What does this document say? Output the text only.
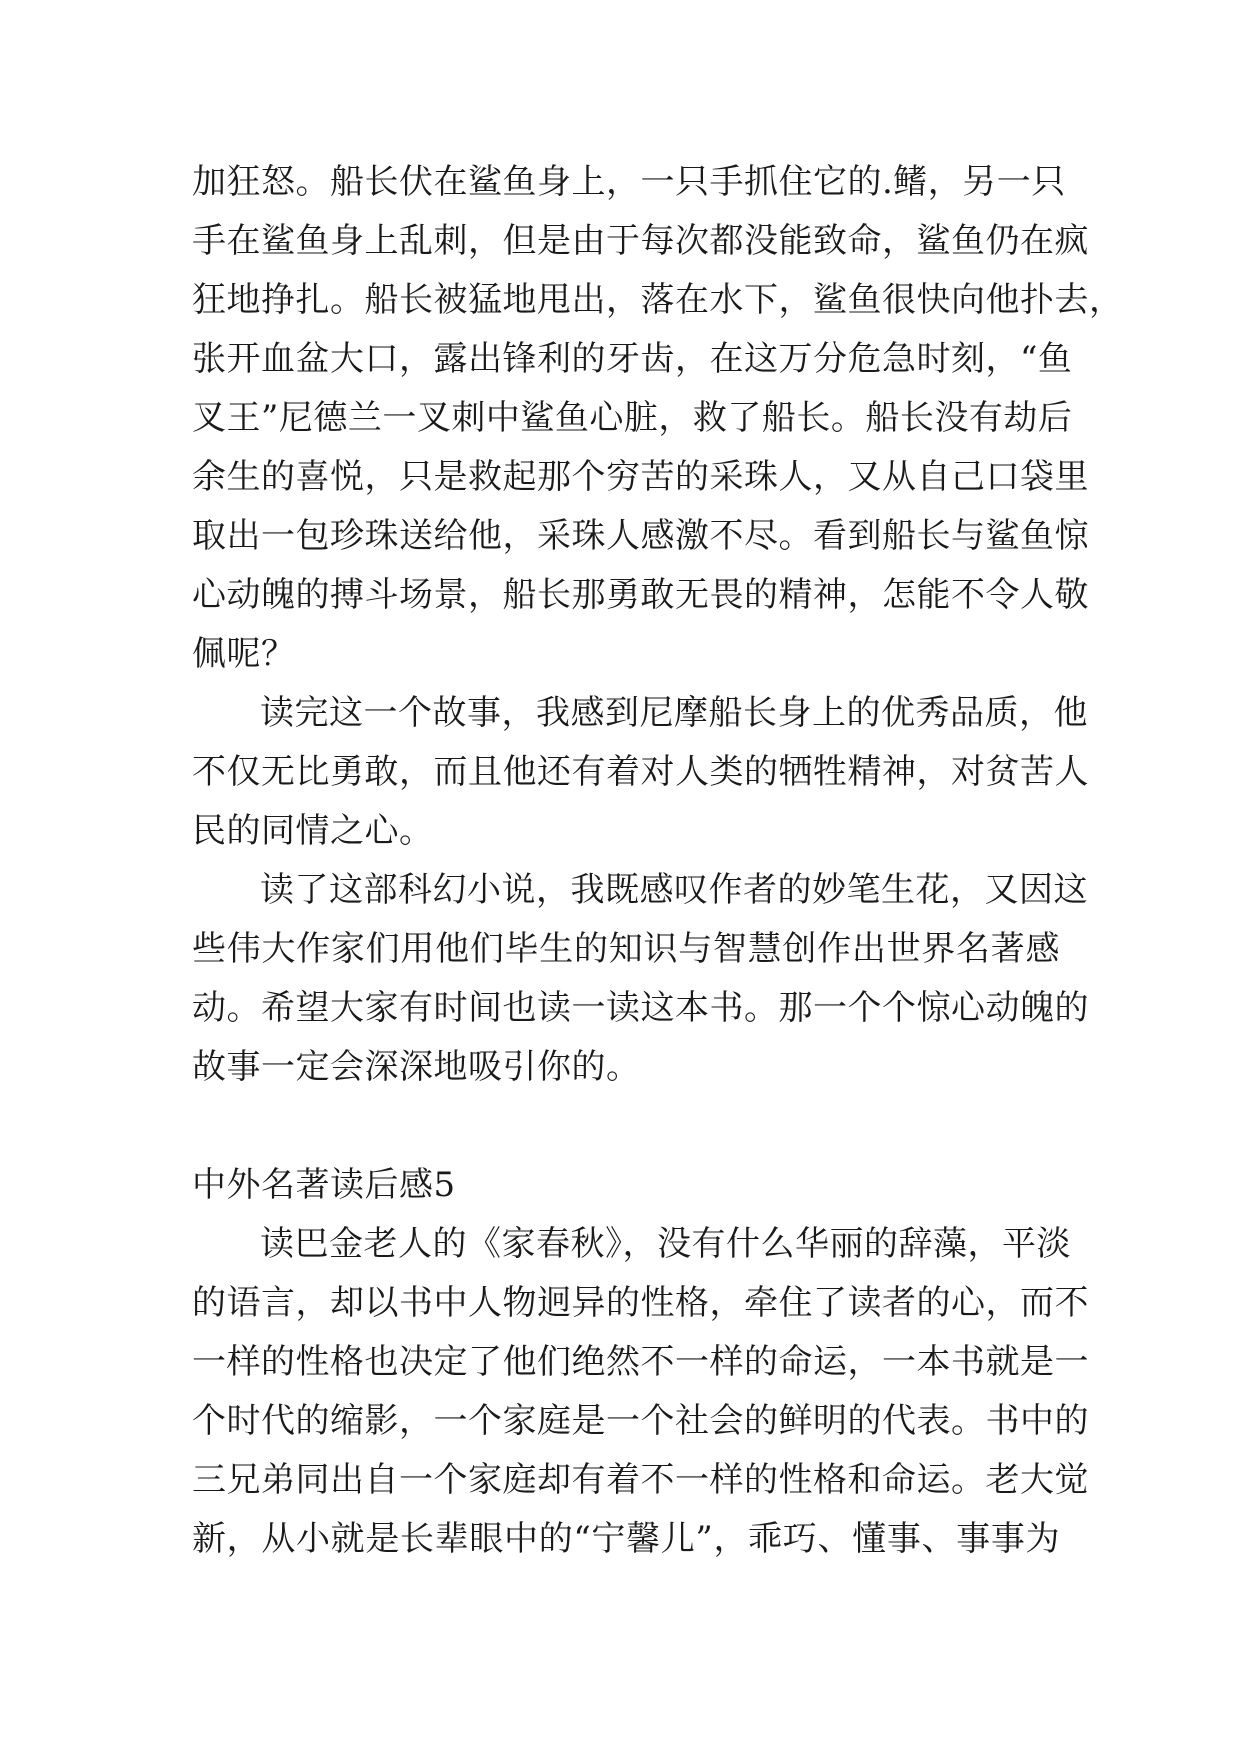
加狂怒。船长伏在鲨鱼身上，一只手抓住它的.鳍，另一只
手在鲨鱼身上乱刺，但是由于每次都没能致命，鲨鱼仍在疯
狂地挣扎。船长被猛地甩出，落在水下，鲨鱼很快向他扑去，
张开血盆大口，露出锋利的牙齿，在这万分危急时刻，“鱼
叉王”尼德兰一叉刺中鲨鱼心脏，救了船长。船长没有劫后
余生的喜悦，只是救起那个穷苦的采珠人，又从自己口袋里
取出一包珍珠送给他，采珠人感激不尽。看到船长与鲨鱼惊
心动魄的搏斗场景，船长那勇敢无畏的精神，怎能不令人敬
佩呢？
读完这一个故事，我感到尼摩船长身上的优秀品质，他
不仅无比勇敢，而且他还有着对人类的牺牲精神，对贫苦人
民的同情之心。
读了这部科幻小说，我既感叹作者的妙笔生花，又因这
些伟大作家们用他们毕生的知识与智慧创作出世界名著感
动。希望大家有时间也读一读这本书。那一个个惊心动魄的
故事一定会深深地吸引你的。
中外名著读后感5
读巴金老人的《家春秋》，没有什么华丽的辞藻，平淡
的语言，却以书中人物迥异的性格，牵住了读者的心，而不
一样的性格也决定了他们绝然不一样的命运，一本书就是一
个时代的缩影，一个家庭是一个社会的鲜明的代表。书中的
三兄弟同出自一个家庭却有着不一样的性格和命运。老大觉
新，从小就是长辈眼中的“宁馨儿”，乖巧、懂事、事事为
